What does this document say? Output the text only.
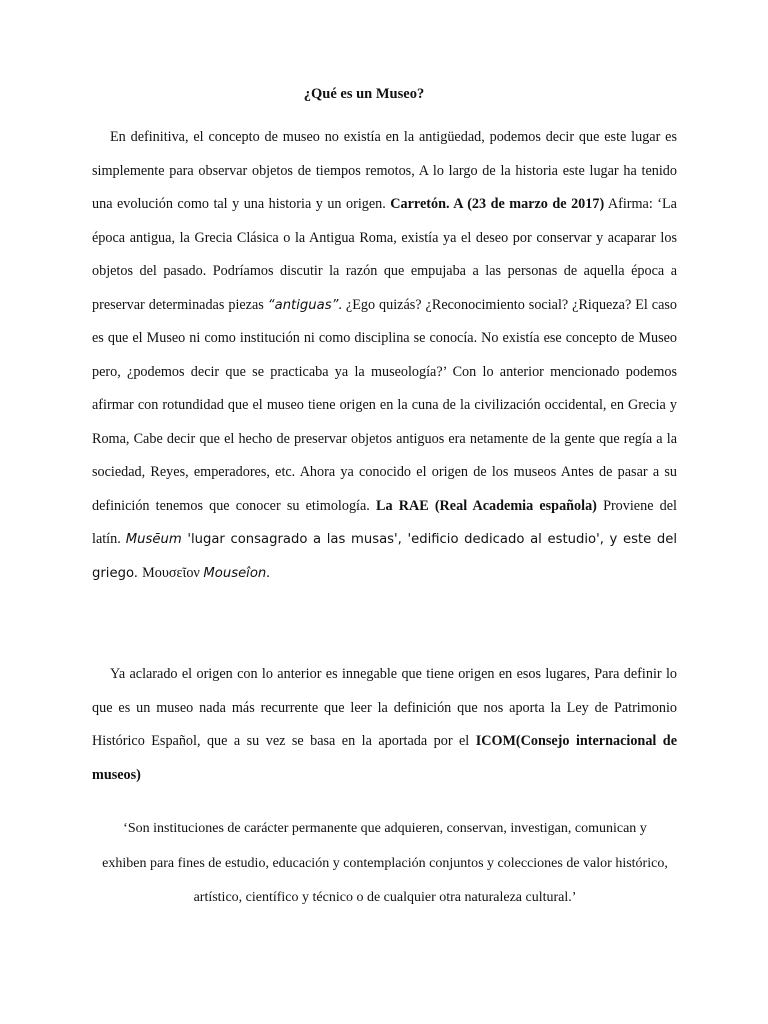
¿Qué es un Museo?

En definitiva, el concepto de museo no existía en la antigüedad, podemos decir que este lugar es simplemente para observar objetos de tiempos remotos, A lo largo de la historia este lugar ha tenido una evolución como tal y una historia y un origen. Carretón. A (23 de marzo de 2017) Afirma: ‘La época antigua, la Grecia Clásica o la Antigua Roma, existía ya el deseo por conservar y acaparar los objetos del pasado. Podríamos discutir la razón que empujaba a las personas de aquella época a preservar determinadas piezas “antiguas”. ¿Ego quizás? ¿Reconocimiento social? ¿Riqueza? El caso es que el Museo ni como institución ni como disciplina se conocía. No existía ese concepto de Museo pero, ¿podemos decir que se practicaba ya la museología?’ Con lo anterior mencionado podemos afirmar con rotundidad que el museo tiene origen en la cuna de la civilización occidental, en Grecia y Roma, Cabe decir que el hecho de preservar objetos antiguos era netamente de la gente que regía a la sociedad, Reyes, emperadores, etc. Ahora ya conocido el origen de los museos Antes de pasar a su definición tenemos que conocer su etimología. La RAE (Real Academia española) Proviene del latín. Musēum 'lugar consagrado a las musas', 'edificio dedicado al estudio', y este del griego. Μουσεῖον Mouseîon.

Ya aclarado el origen con lo anterior es innegable que tiene origen en esos lugares, Para definir lo que es un museo nada más recurrente que leer la definición que nos aporta la Ley de Patrimonio Histórico Español, que a su vez se basa en la aportada por el ICOM(Consejo internacional de museos)

‘Son instituciones de carácter permanente que adquieren, conservan, investigan, comunican y exhiben para fines de estudio, educación y contemplación conjuntos y colecciones de valor histórico, artístico, científico y técnico o de cualquier otra naturaleza cultural.’
